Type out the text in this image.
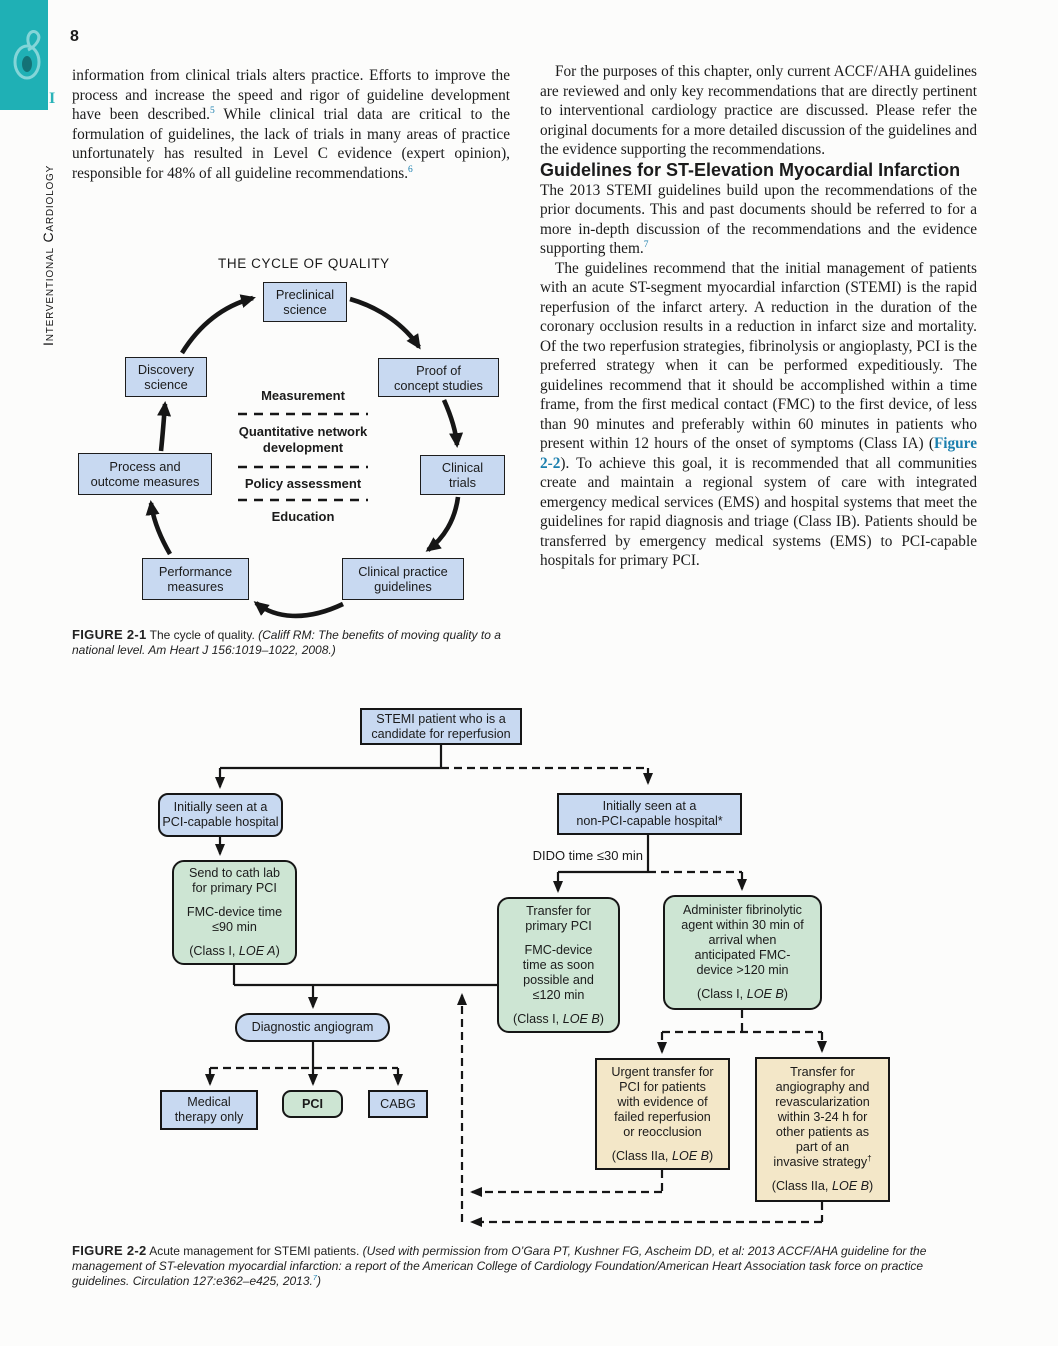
I
Interventional Cardiology
8

information from clinical trials alters practice. Efforts to improve the process and increase the speed and rigor of guideline development have been described.$^5$ While clinical trial data are critical to the formulation of guidelines, the lack of trials in many areas of practice unfortunately has resulted in Level C evidence (expert opinion), responsible for 48% of all guideline recommendations.$^6$

For the purposes of this chapter, only current ACCF/AHA guidelines are reviewed and only key recommendations that are directly pertinent to interventional cardiology practice are discussed. Please refer the original documents for a more detailed discussion of the guidelines and the evidence supporting the recommendations.

Guidelines for ST-Elevation Myocardial Infarction

The 2013 STEMI guidelines build upon the recommendations of the prior documents. This and past documents should be referred to for a more in-depth discussion of the recommendations and the evidence supporting them.$^7$

The guidelines recommend that the initial management of patients with an acute ST-segment myocardial infarction (STEMI) is the rapid reperfusion of the infarct artery. A reduction in the duration of the coronary occlusion results in a reduction in infarct size and mortality. Of the two reperfusion strategies, fibrinolysis or angioplasty, PCI is the preferred strategy when it can be performed expeditiously. The guidelines recommend that it should be accomplished within a time frame, from the first medical contact (FMC) to the first device, of less than 90 minutes and preferably within 60 minutes in patients who present within 12 hours of the onset of symptoms (Class IA) (Figure 2-2). To achieve this goal, it is recommended that all communities create and maintain a regional system of care with integrated emergency medical services (EMS) and hospital systems that meet the guidelines for rapid diagnosis and triage (Class IB). Patients should be transferred by emergency medical systems (EMS) to PCI-capable hospitals for primary PCI.

THE CYCLE OF QUALITY
Preclinical
science
Discovery
science
Proof of
concept studies
Process and
outcome measures
Clinical
trials
Performance
measures
Clinical practice
guidelines
Measurement
Quantitative network
development
Policy assessment
Education
FIGURE 2-1 The cycle of quality. (Califf RM: The benefits of moving quality to a national level. Am Heart J 156:1019–1022, 2008.)
STEMI patient who is a
candidate for reperfusion
Initially seen at a
PCI-capable hospital
Initially seen at a
non-PCI-capable hospital*
Send to cath lab
for primary PCI
FMC-device time
≤90 min
(Class I, LOE A)
Transfer for
primary PCI
FMC-device
time as soon
possible and
≤120 min
(Class I, LOE B)
Administer fibrinolytic
agent within 30 min of
arrival when
anticipated FMC-
device >120 min
(Class I, LOE B)
Diagnostic angiogram
Medical
therapy only
PCI	CABG
Urgent transfer for
PCI for patients
with evidence of
failed reperfusion
or reocclusion
(Class IIa, LOE B)
Transfer for
angiography and
revascularization
within 3-24 h for
other patients as
part of an
invasive strategy†
(Class IIa, LOE B)
DIDO time ≤30 min
FIGURE 2-2 Acute management for STEMI patients. (Used with permission from O’Gara PT, Kushner FG, Ascheim DD, et al: 2013 ACCF/AHA guideline for the management of ST-elevation myocardial infarction: a report of the American College of Cardiology Foundation/American Heart Association task force on practice guidelines. Circulation 127:e362–e425, 2013.$^7$)
